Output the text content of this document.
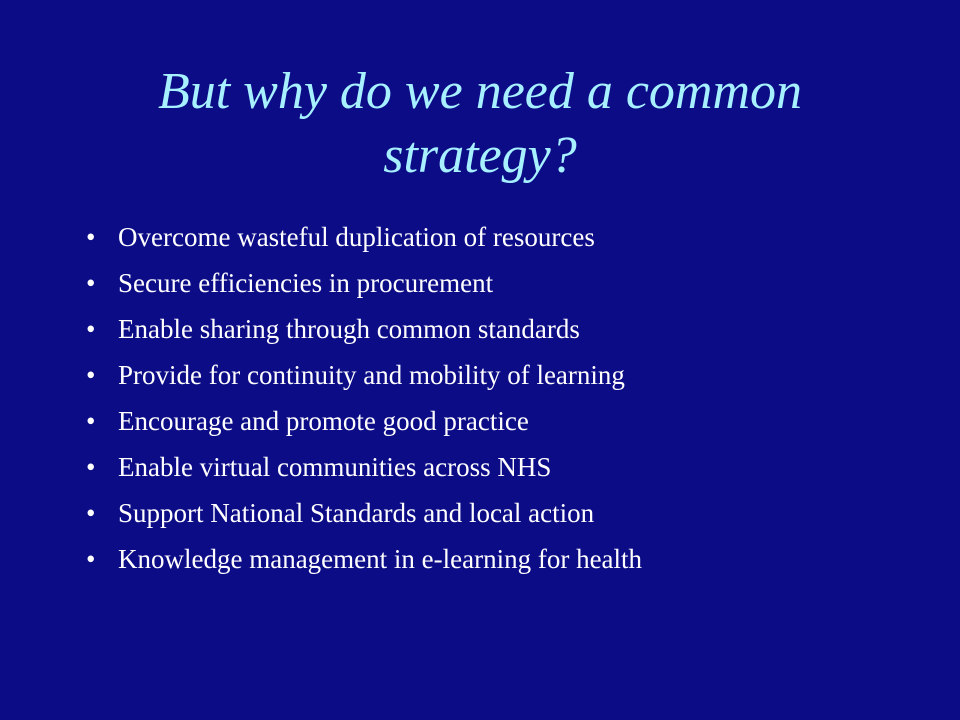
But why do we need a common strategy?
• Overcome wasteful duplication of resources
• Secure efficiencies in procurement
• Enable sharing through common standards
• Provide for continuity and mobility of learning
• Encourage and promote good practice
• Enable virtual communities across NHS
• Support National Standards and local action
• Knowledge management in e-learning for health
